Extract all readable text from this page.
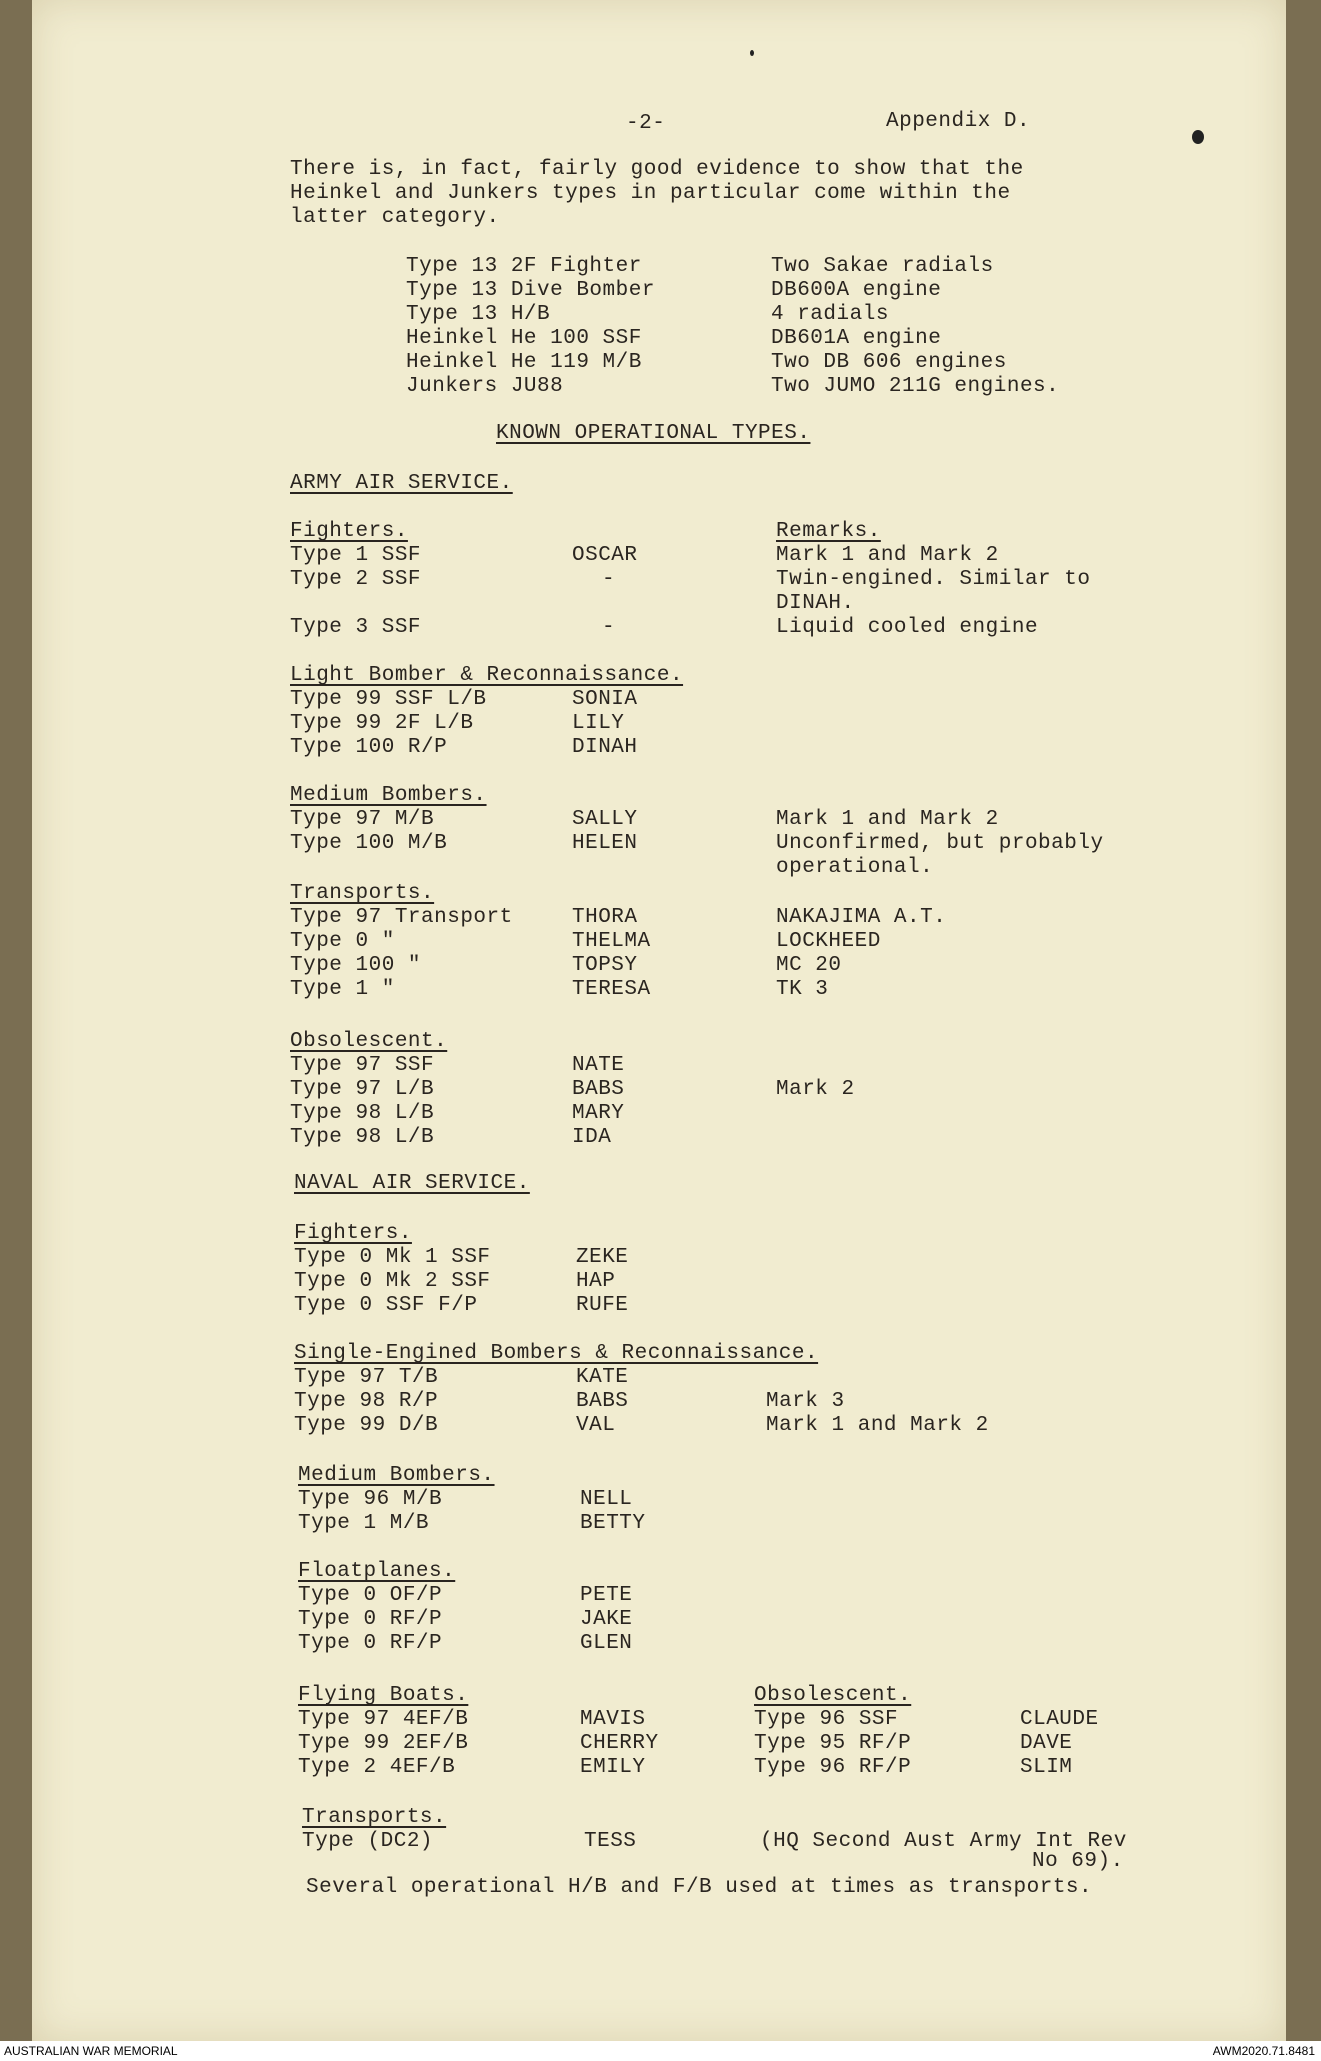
-2-	Appendix D.
There is, in fact, fairly good evidence to show that the
Heinkel and Junkers types in particular come within the
latter category.
Type 13 2F Fighter	Two Sakae radials
Type 13 Dive Bomber	DB600A engine
Type 13 H/B	4 radials
Heinkel He 100 SSF	DB601A engine
Heinkel He 119 M/B	Two DB 606 engines
Junkers JU88	Two JUMO 211G engines.
KNOWN OPERATIONAL TYPES.
ARMY AIR SERVICE.
Fighters.	Remarks.
Type 1 SSF	OSCAR	Mark 1 and Mark 2
Type 2 SSF	-	Twin-engined. Similar to
DINAH.
Type 3 SSF	-	Liquid cooled engine
Light Bomber & Reconnaissance.
Type 99 SSF L/B	SONIA
Type 99 2F L/B	LILY
Type 100 R/P	DINAH
Medium Bombers.
Type 97 M/B	SALLY	Mark 1 and Mark 2
Type 100 M/B	HELEN	Unconfirmed, but probably
operational.
Transports.
Type 97 Transport	THORA	NAKAJIMA A.T.
Type 0 "	THELMA	LOCKHEED
Type 100 "	TOPSY	MC 20
Type 1 "	TERESA	TK 3
Obsolescent.
Type 97 SSF	NATE
Type 97 L/B	BABS	Mark 2
Type 98 L/B	MARY
Type 98 L/B	IDA
NAVAL AIR SERVICE.
Fighters.
Type 0 Mk 1 SSF	ZEKE
Type 0 Mk 2 SSF	HAP
Type 0 SSF F/P	RUFE
Single-Engined Bombers & Reconnaissance.
Type 97 T/B	KATE
Type 98 R/P	BABS	Mark 3
Type 99 D/B	VAL	Mark 1 and Mark 2
Medium Bombers.
Type 96 M/B	NELL
Type 1 M/B	BETTY
Floatplanes.
Type 0 OF/P	PETE
Type 0 RF/P	JAKE
Type 0 RF/P	GLEN
Flying Boats.	Obsolescent.
Type 97 4EF/B	MAVIS	Type 96 SSF	CLAUDE
Type 99 2EF/B	CHERRY	Type 95 RF/P	DAVE
Type 2 4EF/B	EMILY	Type 96 RF/P	SLIM
Transports.
Type (DC2)	TESS	(HQ Second Aust Army Int Rev
No 69).
Several operational H/B and F/B used at times as transports.
AUSTRALIAN WAR MEMORIAL	AWM2020.71.8481
